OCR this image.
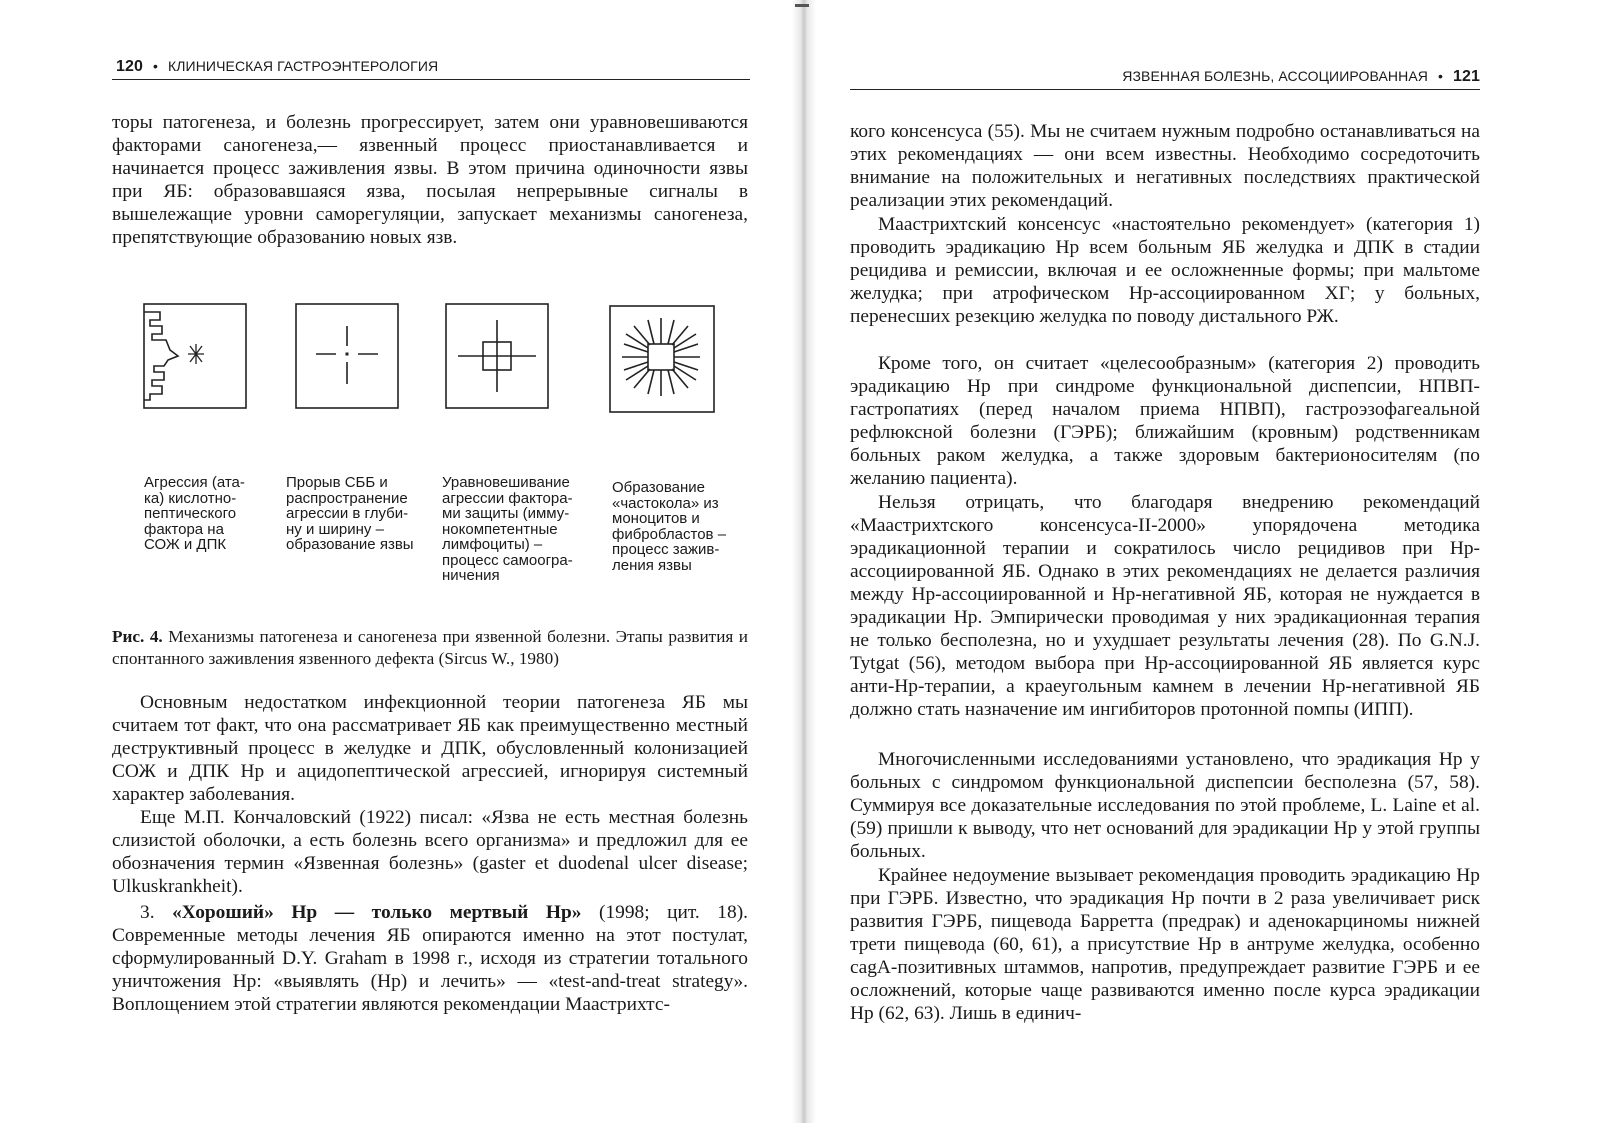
120 • КЛИНИЧЕСКАЯ ГАСТРОЭНТЕРОЛОГИЯ

торы патогенеза, и болезнь прогрессирует, затем они уравновешиваются факторами саногенеза,— язвенный процесс приостанавливается и начинается процесс заживления язвы. В этом причина одиночности язвы при ЯБ: образовавшаяся язва, посылая непрерывные сигналы в вышележащие уровни саморегуляции, запускает механизмы саногенеза, препятствующие образованию новых язв.

Агрессия (ата-
ка) кислотно-
пептического
фактора на
СОЖ и ДПК
Прорыв СББ и
распространение
агрессии в глуби-
ну и ширину –
образование язвы
Уравновешивание
агрессии фактора-
ми защиты (имму-
нокомпетентные
лимфоциты) –
процесс самоогра-
ничения
Образование
«частокола» из
моноцитов и
фибробластов –
процесс зажив-
ления язвы

Рис. 4. Механизмы патогенеза и саногенеза при язвенной болезни. Этапы развития и спонтанного заживления язвенного дефекта (Sircus W., 1980)

Основным недостатком инфекционной теории патогенеза ЯБ мы считаем тот факт, что она рассматривает ЯБ как преимущественно местный деструктивный процесс в желудке и ДПК, обусловленный колонизацией СОЖ и ДПК Нр и ацидопептической агрессией, игнорируя системный характер заболевания.

Еще М.П. Кончаловский (1922) писал: «Язва не есть местная болезнь слизистой оболочки, а есть болезнь всего организма» и предложил для ее обозначения термин «Язвенная болезнь» (gaster et duodenal ulcer disease; Ulkuskrankheit).

3. «Хороший» Нр — только мертвый Нр» (1998; цит. 18). Современные методы лечения ЯБ опираются именно на этот постулат, сформулированный D.Y. Graham в 1998 г., исходя из стратегии тотального уничтожения Нр: «выявлять (Нр) и лечить» — «test-and-treat strategy». Воплощением этой стратегии являются рекомендации Маастрихтс-

ЯЗВЕННАЯ БОЛЕЗНЬ, АССОЦИИРОВАННАЯ • 121

кого консенсуса (55). Мы не считаем нужным подробно останавливаться на этих рекомендациях — они всем известны. Необходимо сосредоточить внимание на положительных и негативных последствиях практической реализации этих рекомендаций.

Маастрихтский консенсус «настоятельно рекомендует» (категория 1) проводить эрадикацию Нр всем больным ЯБ желудка и ДПК в стадии рецидива и ремиссии, включая и ее осложненные формы; при мальтоме желудка; при атрофическом Нр-ассоциированном ХГ; у больных, перенесших резекцию желудка по поводу дистального РЖ.

Кроме того, он считает «целесообразным» (категория 2) проводить эрадикацию Нр при синдроме функциональной диспепсии, НПВП-гастропатиях (перед началом приема НПВП), гастроэзофагеальной рефлюксной болезни (ГЭРБ); ближайшим (кровным) родственникам больных раком желудка, а также здоровым бактерионосителям (по желанию пациента).

Нельзя отрицать, что благодаря внедрению рекомендаций «Маастрихтского консенсуса-II-2000» упорядочена методика эрадикационной терапии и сократилось число рецидивов при Нр-ассоциированной ЯБ. Однако в этих рекомендациях не делается различия между Нр-ассоциированной и Нр-негативной ЯБ, которая не нуждается в эрадикации Нр. Эмпирически проводимая у них эрадикационная терапия не только бесполезна, но и ухудшает результаты лечения (28). По G.N.J. Tytgat (56), методом выбора при Нр-ассоциированной ЯБ является курс анти-Нр-терапии, а краеугольным камнем в лечении Нр-негативной ЯБ должно стать назначение им ингибиторов протонной помпы (ИПП).

Многочисленными исследованиями установлено, что эрадикация Нр у больных с синдромом функциональной диспепсии бесполезна (57, 58). Суммируя все доказательные исследования по этой проблеме, L. Laine et al. (59) пришли к выводу, что нет оснований для эрадикации Нр у этой группы больных.

Крайнее недоумение вызывает рекомендация проводить эрадикацию Нр при ГЭРБ. Известно, что эрадикация Нр почти в 2 раза увеличивает риск развития ГЭРБ, пищевода Барретта (предрак) и аденокарциномы нижней трети пищевода (60, 61), а присутствие Нр в антруме желудка, особенно cagA-позитивных штаммов, напротив, предупреждает развитие ГЭРБ и ее осложнений, которые чаще развиваются именно после курса эрадикации Нр (62, 63). Лишь в единич-
